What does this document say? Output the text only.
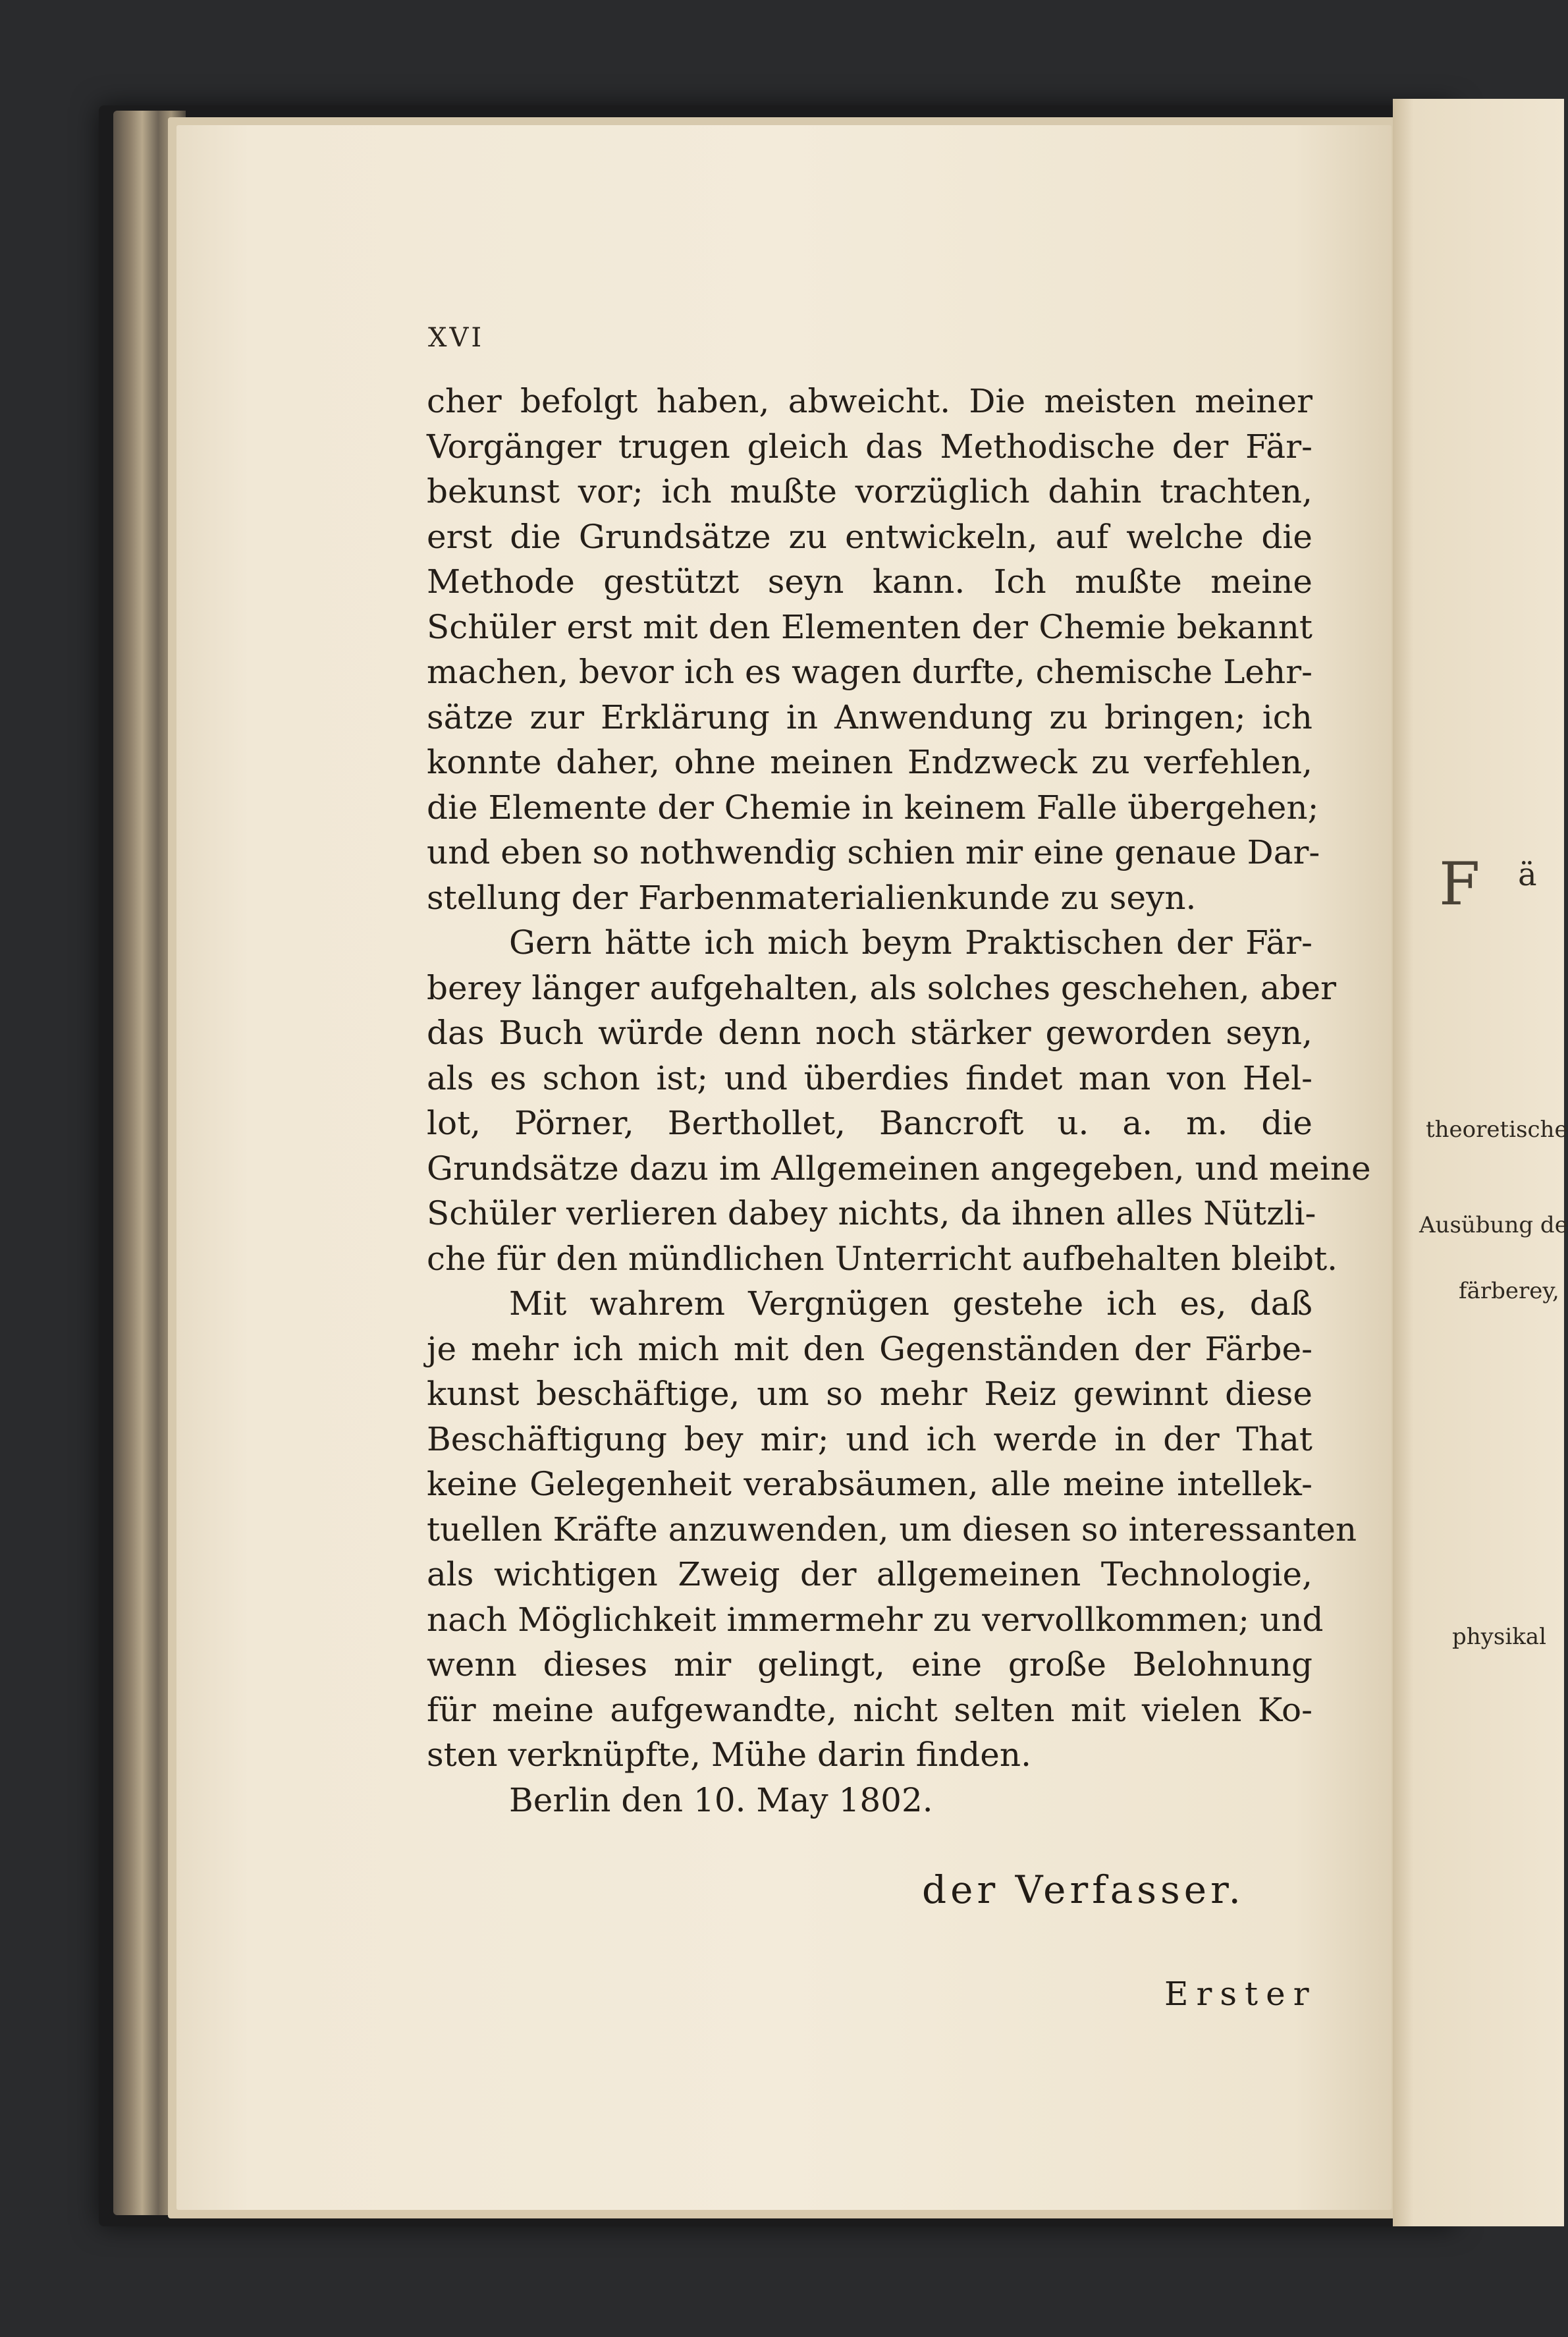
F ä
theoretische
Ausübung de
färberey,
physikal
XVI
cher befolgt haben, abweicht. Die meisten meiner
Vorgänger trugen gleich das Methodische der Fär-
bekunst vor; ich mußte vorzüglich dahin trachten,
erst die Grundsätze zu entwickeln, auf welche die
Methode gestützt seyn kann. Ich mußte meine
Schüler erst mit den Elementen der Chemie bekannt
machen, bevor ich es wagen durfte, chemische Lehr-
sätze zur Erklärung in Anwendung zu bringen; ich
konnte daher, ohne meinen Endzweck zu verfehlen,
die Elemente der Chemie in keinem Falle übergehen;
und eben so nothwendig schien mir eine genaue Dar-
stellung der Farbenmaterialienkunde zu seyn.
Gern hätte ich mich beym Praktischen der Fär-
berey länger aufgehalten, als solches geschehen, aber
das Buch würde denn noch stärker geworden seyn,
als es schon ist; und überdies findet man von Hel-
lot, Pörner, Berthollet, Bancroft u. a. m. die
Grundsätze dazu im Allgemeinen angegeben, und meine
Schüler verlieren dabey nichts, da ihnen alles Nützli-
che für den mündlichen Unterricht aufbehalten bleibt.
Mit wahrem Vergnügen gestehe ich es, daß
je mehr ich mich mit den Gegenständen der Färbe-
kunst beschäftige, um so mehr Reiz gewinnt diese
Beschäftigung bey mir; und ich werde in der That
keine Gelegenheit verabsäumen, alle meine intellek-
tuellen Kräfte anzuwenden, um diesen so interessanten
als wichtigen Zweig der allgemeinen Technologie,
nach Möglichkeit immermehr zu vervollkommen; und
wenn dieses mir gelingt, eine große Belohnung
für meine aufgewandte, nicht selten mit vielen Ko-
sten verknüpfte, Mühe darin finden.
Berlin den 10. May 1802.
der Verfasser.
Erster
